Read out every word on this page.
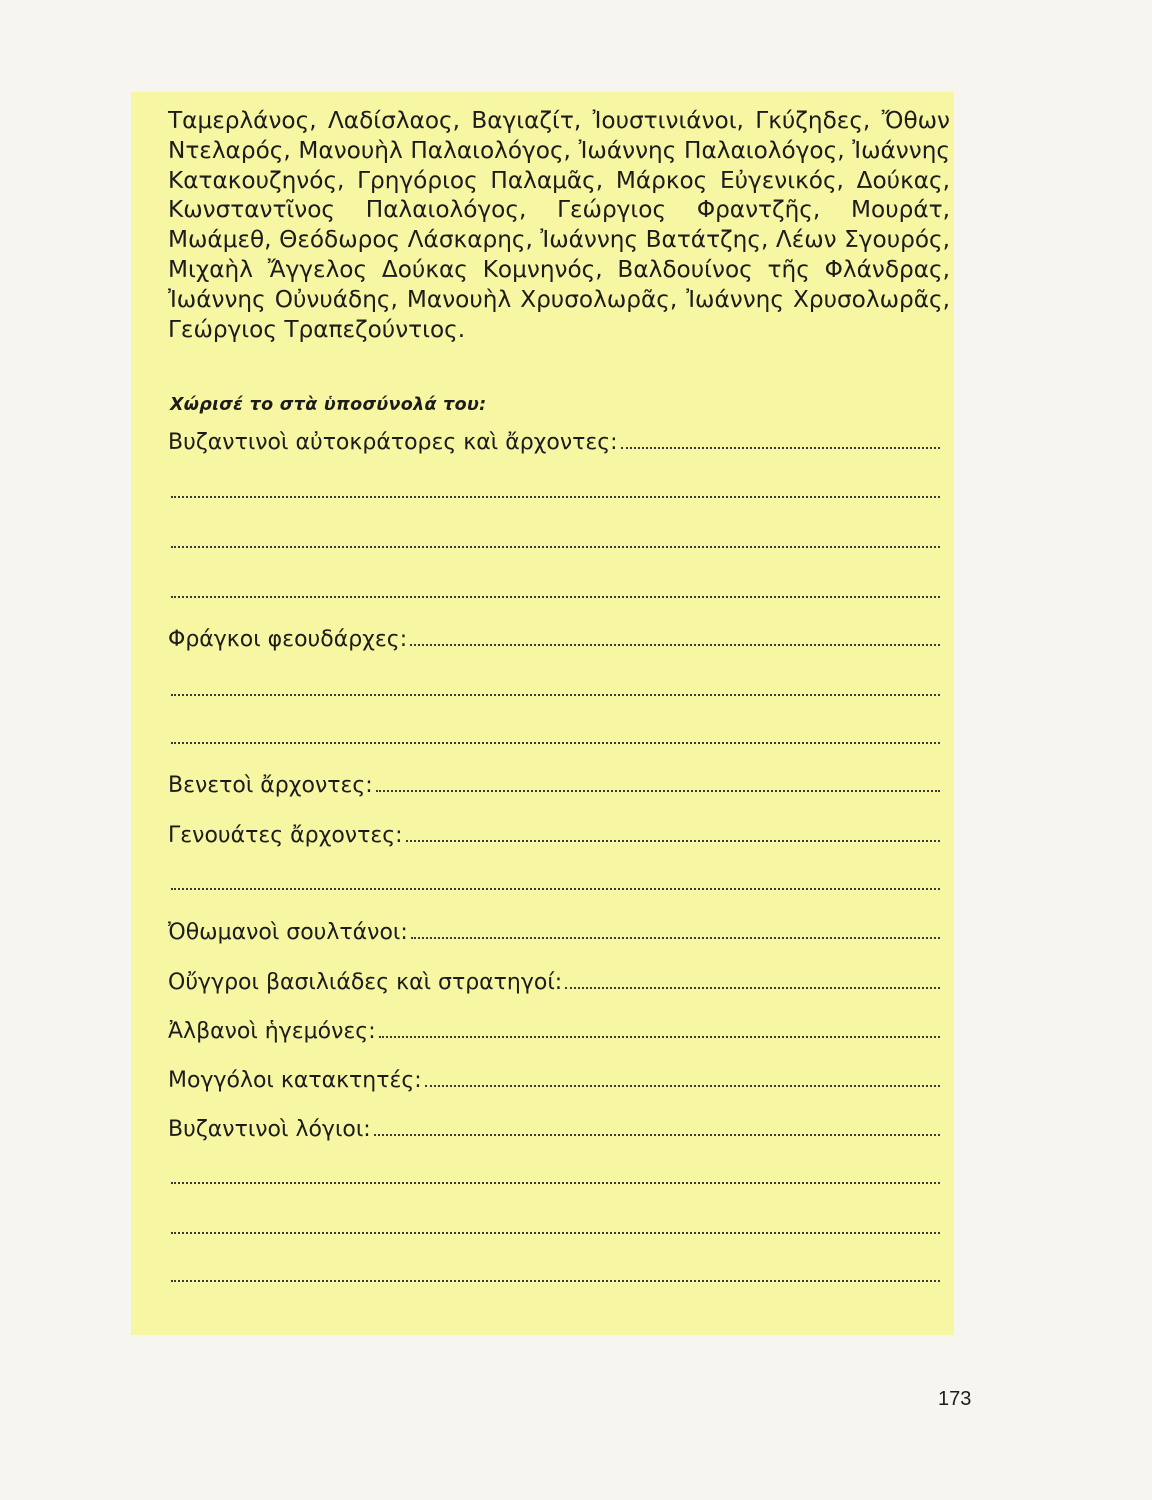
Ταμερλάνος, Λαδίσλαος, Βαγιαζίτ, Ἰουστινιάνοι, Γκύζηδες, Ὄθων Ντελαρός, Μανουὴλ Παλαιολόγος, Ἰωάννης Παλαιολόγος, Ἰωάννης Κατακουζηνός, Γρηγόριος Παλαμᾶς, Μάρκος Εὐγενικός, Δούκας, Κωνσταντῖνος Παλαιολόγος, Γεώργιος Φραντζῆς, Μουράτ, Μωάμεθ, Θεόδωρος Λάσκαρης, Ἰωάννης Βατάτζης, Λέων Σγουρός, Μιχαὴλ Ἄγγελος Δούκας Κομνηνός, Βαλδουίνος τῆς Φλάνδρας, Ἰωάννης Οὐνυάδης, Μανουὴλ Χρυσολωρᾶς, Ἰωάννης Χρυσολωρᾶς, Γεώργιος Τραπεζούντιος.

Χώρισέ το στὰ ὑποσύνολά του:

Βυζαντινοὶ αὐτοκράτορες καὶ ἄρχοντες:
Φράγκοι φεουδάρχες:
Βενετοὶ ἄρχοντες:
Γενουάτες ἄρχοντες:
Ὀθωμανοὶ σουλτάνοι:
Οὔγγροι βασιλιάδες καὶ στρατηγοί:
Ἀλβανοὶ ἡγεμόνες:
Μογγόλοι κατακτητές:
Βυζαντινοὶ λόγιοι:

173
